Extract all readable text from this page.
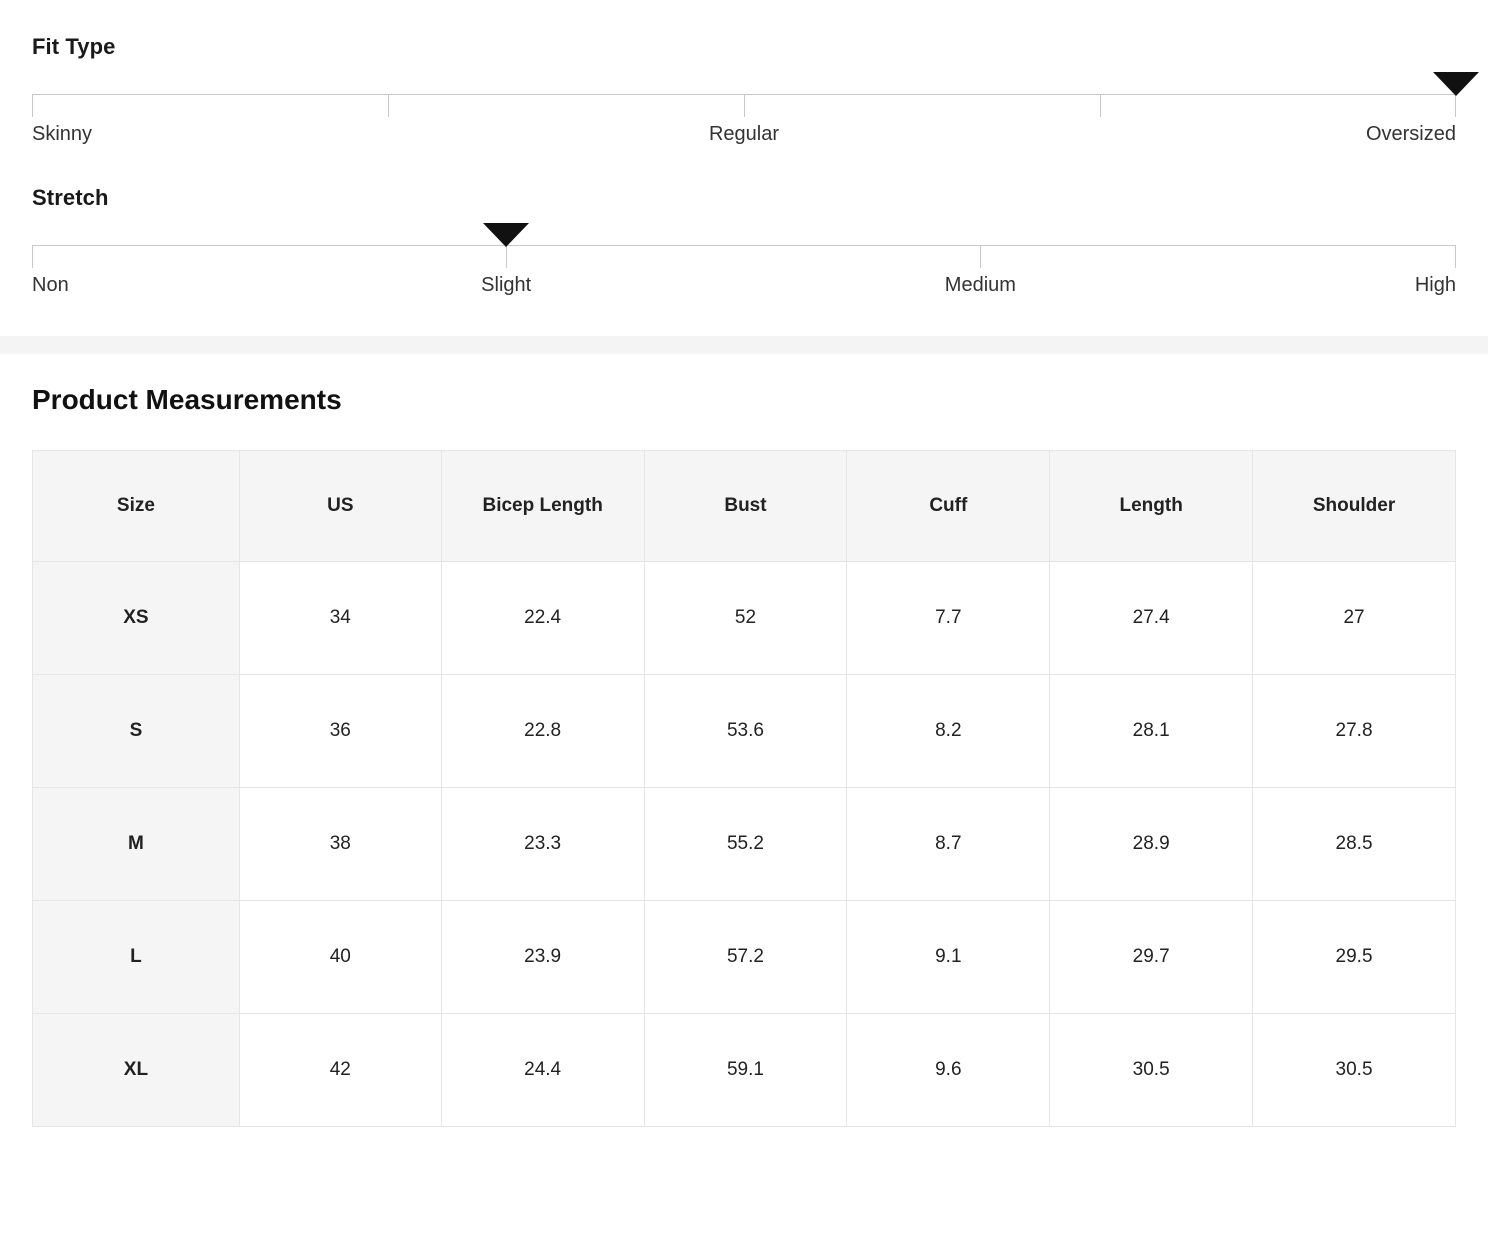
Fit Type
Skinny	Regular	Oversized
Stretch
Non	Slight	Medium	High
Product Measurements
Size	US	Bicep Length	Bust	Cuff	Length	Shoulder
XS	34	22.4	52	7.7	27.4	27
S	36	22.8	53.6	8.2	28.1	27.8
M	38	23.3	55.2	8.7	28.9	28.5
L	40	23.9	57.2	9.1	29.7	29.5
XL	42	24.4	59.1	9.6	30.5	30.5
